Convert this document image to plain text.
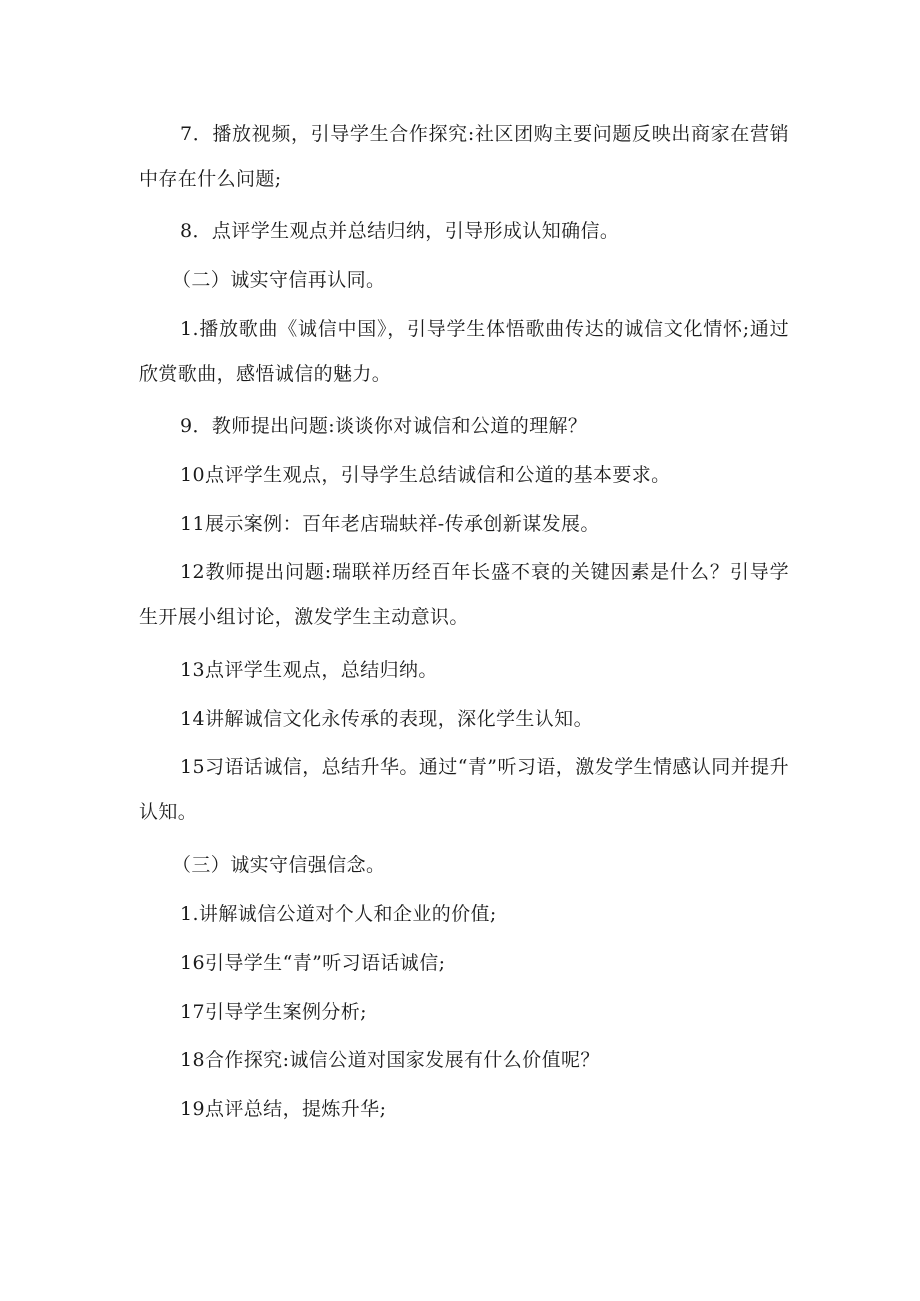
7．播放视频，引导学生合作探究:社区团购主要问题反映出商家在营销中存在什么问题;

8．点评学生观点并总结归纳，引导形成认知确信。

（二）诚实守信再认同。

1.播放歌曲《诚信中国》，引导学生体悟歌曲传达的诚信文化情怀;通过欣赏歌曲，感悟诚信的魅力。

9．教师提出问题:谈谈你对诚信和公道的理解？

10点评学生观点，引导学生总结诚信和公道的基本要求。

11展示案例：百年老店瑞蚨祥-传承创新谋发展。

12教师提出问题:瑞联祥历经百年长盛不衰的关键因素是什么？引导学生开展小组讨论，激发学生主动意识。

13点评学生观点，总结归纳。

14讲解诚信文化永传承的表现，深化学生认知。

15习语话诚信，总结升华。通过“青”听习语，激发学生情感认同并提升认知。

（三）诚实守信强信念。

1.讲解诚信公道对个人和企业的价值;

16引导学生“青”听习语话诚信;

17引导学生案例分析;

18合作探究:诚信公道对国家发展有什么价值呢？

19点评总结，提炼升华;
